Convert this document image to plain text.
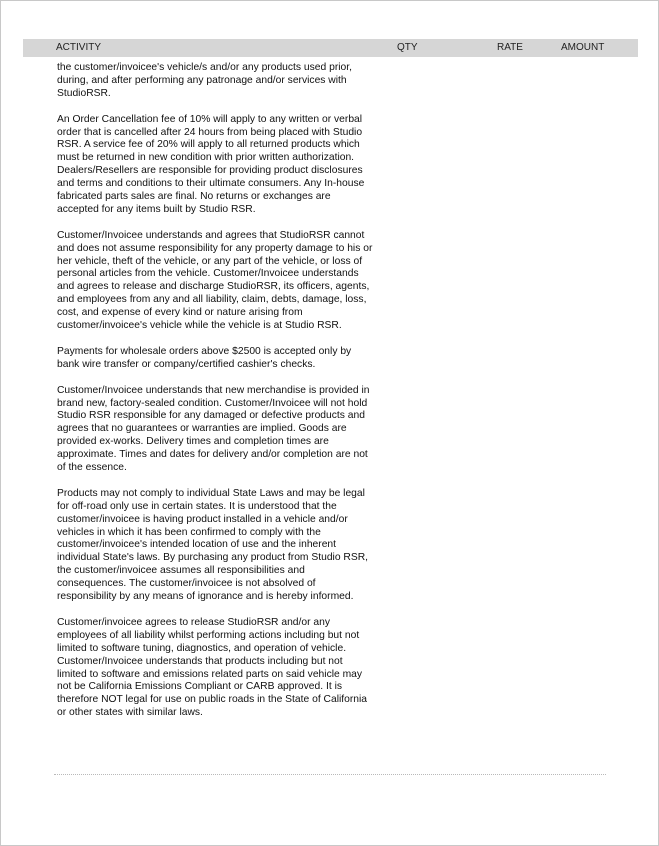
ACTIVITY	QTY	RATE	AMOUNT

the customer/invoicee's vehicle/s and/or any products used prior, during, and after performing any patronage and/or services with StudioRSR.

An Order Cancellation fee of 10% will apply to any written or verbal order that is cancelled after 24 hours from being placed with Studio RSR. A service fee of 20% will apply to all returned products which must be returned in new condition with prior written authorization. Dealers/Resellers are responsible for providing product disclosures and terms and conditions to their ultimate consumers. Any In-house fabricated parts sales are final. No returns or exchanges are accepted for any items built by Studio RSR.

Customer/Invoicee understands and agrees that StudioRSR cannot and does not assume responsibility for any property damage to his or her vehicle, theft of the vehicle, or any part of the vehicle, or loss of personal articles from the vehicle. Customer/Invoicee understands and agrees to release and discharge StudioRSR, its officers, agents, and employees from any and all liability, claim, debts, damage, loss, cost, and expense of every kind or nature arising from customer/invoicee's vehicle while the vehicle is at Studio RSR.

Payments for wholesale orders above $2500 is accepted only by bank wire transfer or company/certified cashier's checks.

Customer/Invoicee understands that new merchandise is provided in brand new, factory-sealed condition. Customer/Invoicee will not hold Studio RSR responsible for any damaged or defective products and agrees that no guarantees or warranties are implied. Goods are provided ex-works. Delivery times and completion times are approximate. Times and dates for delivery and/or completion are not of the essence.

Products may not comply to individual State Laws and may be legal for off-road only use in certain states. It is understood that the customer/invoicee is having product installed in a vehicle and/or vehicles in which it has been confirmed to comply with the customer/invoicee's intended location of use and the inherent individual State's laws. By purchasing any product from Studio RSR, the customer/invoicee assumes all responsibilities and consequences. The customer/invoicee is not absolved of responsibility by any means of ignorance and is hereby informed.

Customer/invoicee agrees to release StudioRSR and/or any employees of all liability whilst performing actions including but not limited to software tuning, diagnostics, and operation of vehicle. Customer/Invoicee understands that products including but not limited to software and emissions related parts on said vehicle may not be California Emissions Compliant or CARB approved. It is therefore NOT legal for use on public roads in the State of California or other states with similar laws.
